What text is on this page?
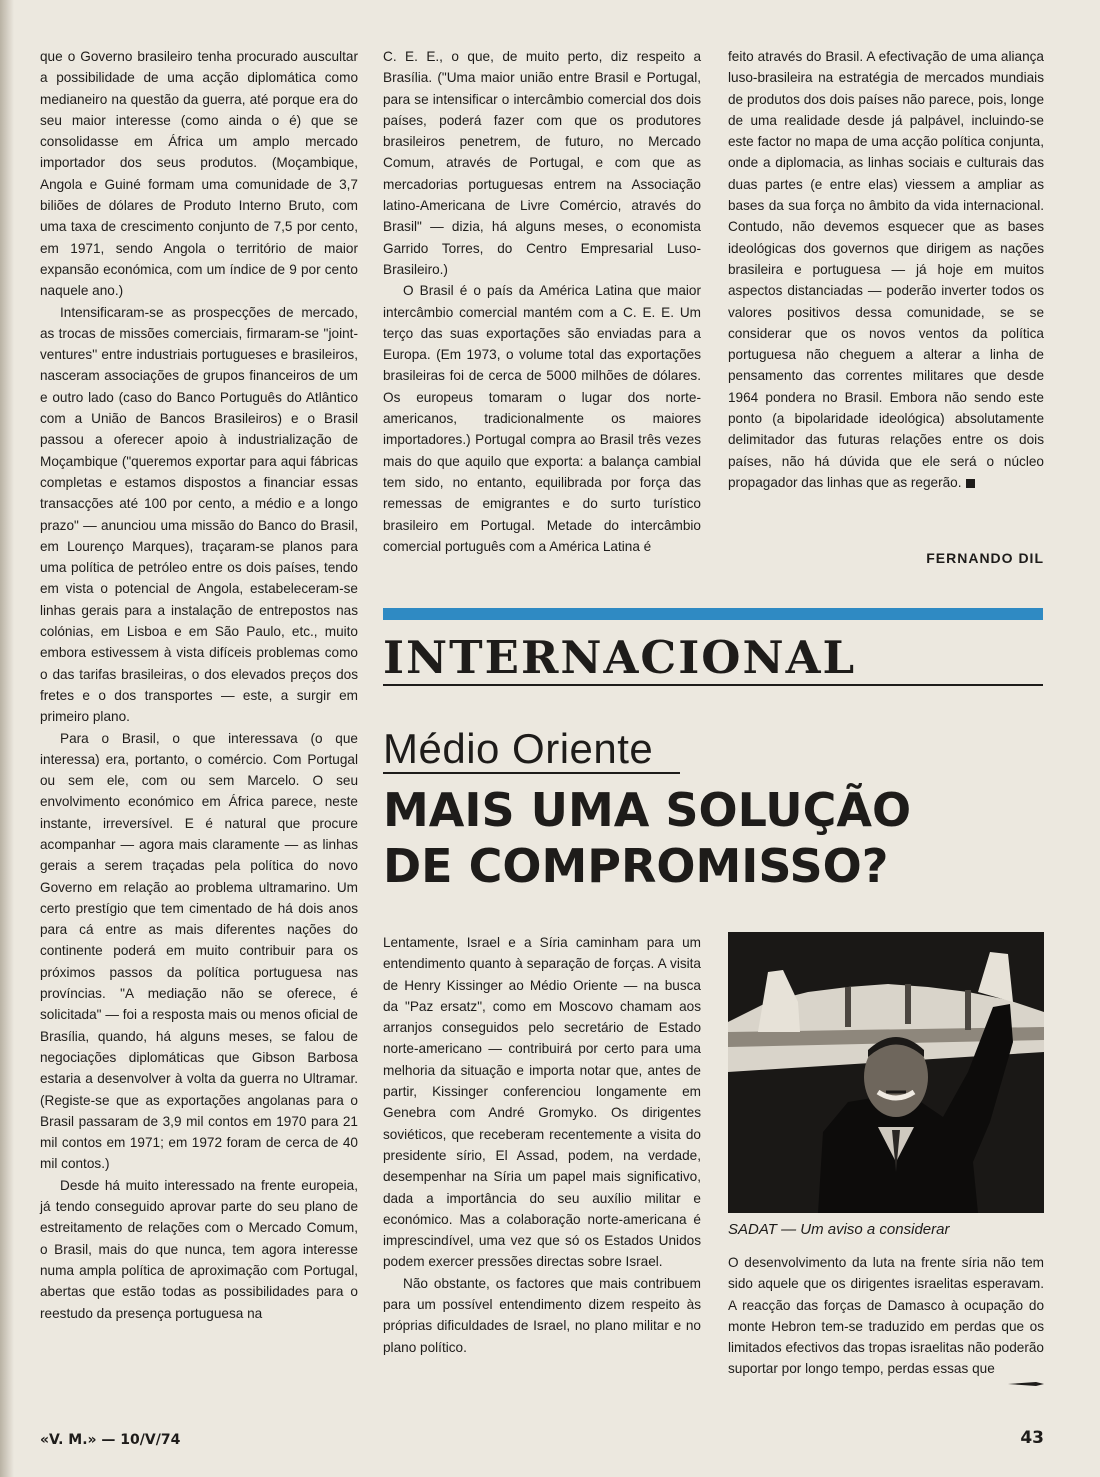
que o Governo brasileiro tenha procurado auscultar a possibilidade de uma acção diplomática como medianeiro na questão da guerra, até porque era do seu maior interesse (como ainda o é) que se consolidasse em África um amplo mercado importador dos seus produtos. (Moçambique, Angola e Guiné formam uma comunidade de 3,7 biliões de dólares de Produto Interno Bruto, com uma taxa de crescimento conjunto de 7,5 por cento, em 1971, sendo Angola o território de maior expansão económica, com um índice de 9 por cento naquele ano.)

Intensificaram-se as prospecções de mercado, as trocas de missões comerciais, firmaram-se ''joint-ventures'' entre industriais portugueses e brasileiros, nasceram associações de grupos financeiros de um e outro lado (caso do Banco Português do Atlântico com a União de Bancos Brasileiros) e o Brasil passou a oferecer apoio à industrialização de Moçambique ("queremos exportar para aqui fábricas completas e estamos dispostos a financiar essas transacções até 100 por cento, a médio e a longo prazo" — anunciou uma missão do Banco do Brasil, em Lourenço Marques), traçaram-se planos para uma política de petróleo entre os dois países, tendo em vista o potencial de Angola, estabeleceram-se linhas gerais para a instalação de entrepostos nas colónias, em Lisboa e em São Paulo, etc., muito embora estivessem à vista difíceis problemas como o das tarifas brasileiras, o dos elevados preços dos fretes e o dos transportes — este, a surgir em primeiro plano.

Para o Brasil, o que interessava (o que interessa) era, portanto, o comércio. Com Portugal ou sem ele, com ou sem Marcelo. O seu envolvimento económico em África parece, neste instante, irreversível. E é natural que procure acompanhar — agora mais claramente — as linhas gerais a serem traçadas pela política do novo Governo em relação ao problema ultramarino. Um certo prestígio que tem cimentado de há dois anos para cá entre as mais diferentes nações do continente poderá em muito contribuir para os próximos passos da política portuguesa nas províncias. "A mediação não se oferece, é solicitada" — foi a resposta mais ou menos oficial de Brasília, quando, há alguns meses, se falou de negociações diplomáticas que Gibson Barbosa estaria a desenvolver à volta da guerra no Ultramar. (Registe-se que as exportações angolanas para o Brasil passaram de 3,9 mil contos em 1970 para 21 mil contos em 1971; em 1972 foram de cerca de 40 mil contos.)

Desde há muito interessado na frente europeia, já tendo conseguido aprovar parte do seu plano de estreitamento de relações com o Mercado Comum, o Brasil, mais do que nunca, tem agora interesse numa ampla política de aproximação com Portugal, abertas que estão todas as possibilidades para o reestudo da presença portuguesa na

C. E. E., o que, de muito perto, diz respeito a Brasília. ("Uma maior união entre Brasil e Portugal, para se intensificar o intercâmbio comercial dos dois países, poderá fazer com que os produtores brasileiros penetrem, de futuro, no Mercado Comum, através de Portugal, e com que as mercadorias portuguesas entrem na Associação latino-Americana de Livre Comércio, através do Brasil" — dizia, há alguns meses, o economista Garrido Torres, do Centro Empresarial Luso-Brasileiro.)

O Brasil é o país da América Latina que maior intercâmbio comercial mantém com a C. E. E. Um terço das suas exportações são enviadas para a Europa. (Em 1973, o volume total das exportações brasileiras foi de cerca de 5000 milhões de dólares. Os europeus tomaram o lugar dos norte-americanos, tradicionalmente os maiores importadores.) Portugal compra ao Brasil três vezes mais do que aquilo que exporta: a balança cambial tem sido, no entanto, equilibrada por força das remessas de emigrantes e do surto turístico brasileiro em Portugal. Metade do intercâmbio comercial português com a América Latina é

feito através do Brasil. A efectivação de uma aliança luso-brasileira na estratégia de mercados mundiais de produtos dos dois países não parece, pois, longe de uma realidade desde já palpável, incluindo-se este factor no mapa de uma acção política conjunta, onde a diplomacia, as linhas sociais e culturais das duas partes (e entre elas) viessem a ampliar as bases da sua força no âmbito da vida internacional. Contudo, não devemos esquecer que as bases ideológicas dos governos que dirigem as nações brasileira e portuguesa — já hoje em muitos aspectos distanciadas — poderão inverter todos os valores positivos dessa comunidade, se se considerar que os novos ventos da política portuguesa não cheguem a alterar a linha de pensamento das correntes militares que desde 1964 pondera no Brasil. Embora não sendo este ponto (a bipolaridade ideológica) absolutamente delimitador das futuras relações entre os dois países, não há dúvida que ele será o núcleo propagador das linhas que as regerão.

FERNANDO DIL
INTERNACIONAL
Médio Oriente
MAIS UMA SOLUÇÃO
DE COMPROMISSO?

Lentamente, Israel e a Síria caminham para um entendimento quanto à separação de forças. A visita de Henry Kissinger ao Médio Oriente — na busca da "Paz ersatz", como em Moscovo chamam aos arranjos conseguidos pelo secretário de Estado norte-americano — contribuirá por certo para uma melhoria da situação e importa notar que, antes de partir, Kissinger conferenciou longamente em Genebra com André Gromyko. Os dirigentes soviéticos, que receberam recentemente a visita do presidente sírio, El Assad, podem, na verdade, desempenhar na Síria um papel mais significativo, dada a importância do seu auxílio militar e económico. Mas a colaboração norte-americana é imprescindível, uma vez que só os Estados Unidos podem exercer pressões directas sobre Israel.

Não obstante, os factores que mais contribuem para um possível entendimento dizem respeito às próprias dificuldades de Israel, no plano militar e no plano político.

SADAT — Um aviso a considerar

O desenvolvimento da luta na frente síria não tem sido aquele que os dirigentes israelitas esperavam. A reacção das forças de Damasco à ocupação do monte Hebron tem-se traduzido em perdas que os limitados efectivos das tropas israelitas não poderão suportar por longo tempo, perdas essas que

«V. M.» — 10/V/74	43
